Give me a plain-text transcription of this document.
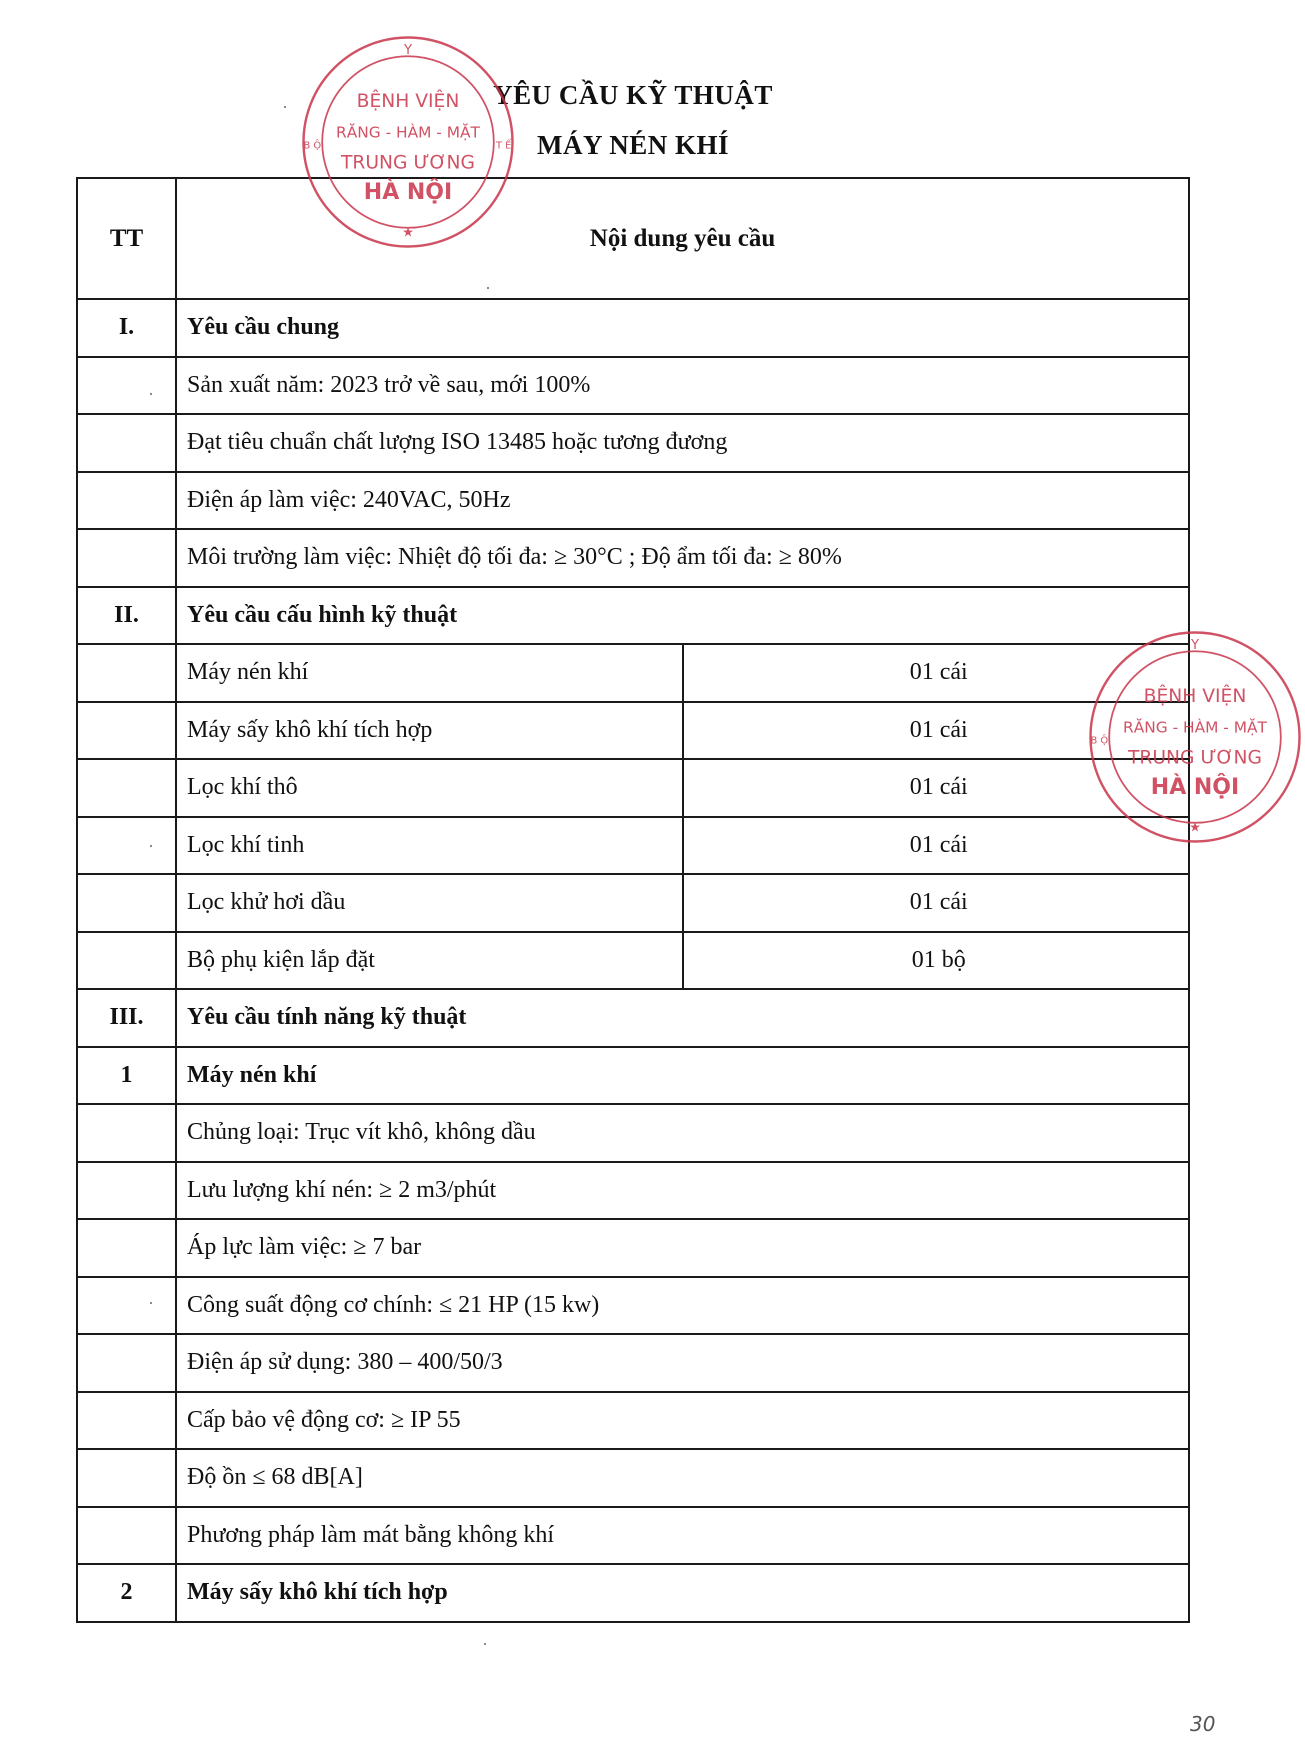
YÊU CẦU KỸ THUẬT
MÁY NÉN KHÍ
TT	Nội dung yêu cầu	
I.	Yêu cầu chung	
	Sản xuất năm: 2023 trở về sau, mới 100%	
	Đạt tiêu chuẩn chất lượng ISO 13485 hoặc tương đương	
	Điện áp làm việc: 240VAC, 50Hz	
	Môi trường làm việc: Nhiệt độ tối đa: ≥ 30°C ; Độ ẩm tối đa: ≥ 80%	
II.	Yêu cầu cấu hình kỹ thuật	
	Máy nén khí	01 cái
	Máy sấy khô khí tích hợp	01 cái
	Lọc khí thô	01 cái
	Lọc khí tinh	01 cái
	Lọc khử hơi dầu	01 cái
	Bộ phụ kiện lắp đặt	01 bộ
III.	Yêu cầu tính năng kỹ thuật	
1	Máy nén khí	
	Chủng loại: Trục vít khô, không dầu	
	Lưu lượng khí nén: ≥ 2 m3/phút	
	Áp lực làm việc: ≥ 7 bar	
	Công suất động cơ chính: ≤ 21 HP (15 kw)	
	Điện áp sử dụng: 380 – 400/50/3	
	Cấp bảo vệ động cơ: ≥ IP 55	
	Độ ồn ≤ 68 dB[A]	
	Phương pháp làm mát bằng không khí	
2	Máy sấy khô khí tích hợp	
Y
B Ộ	T Ế
BỆNH VIỆN
RĂNG - HÀM - MẶT
TRUNG ƯƠNG
HÀ NỘI
★
Y
B Ộ
BỆNH VIỆN
RĂNG - HÀM - MẶT
TRUNG ƯƠNG
HÀ NỘI
★
30
